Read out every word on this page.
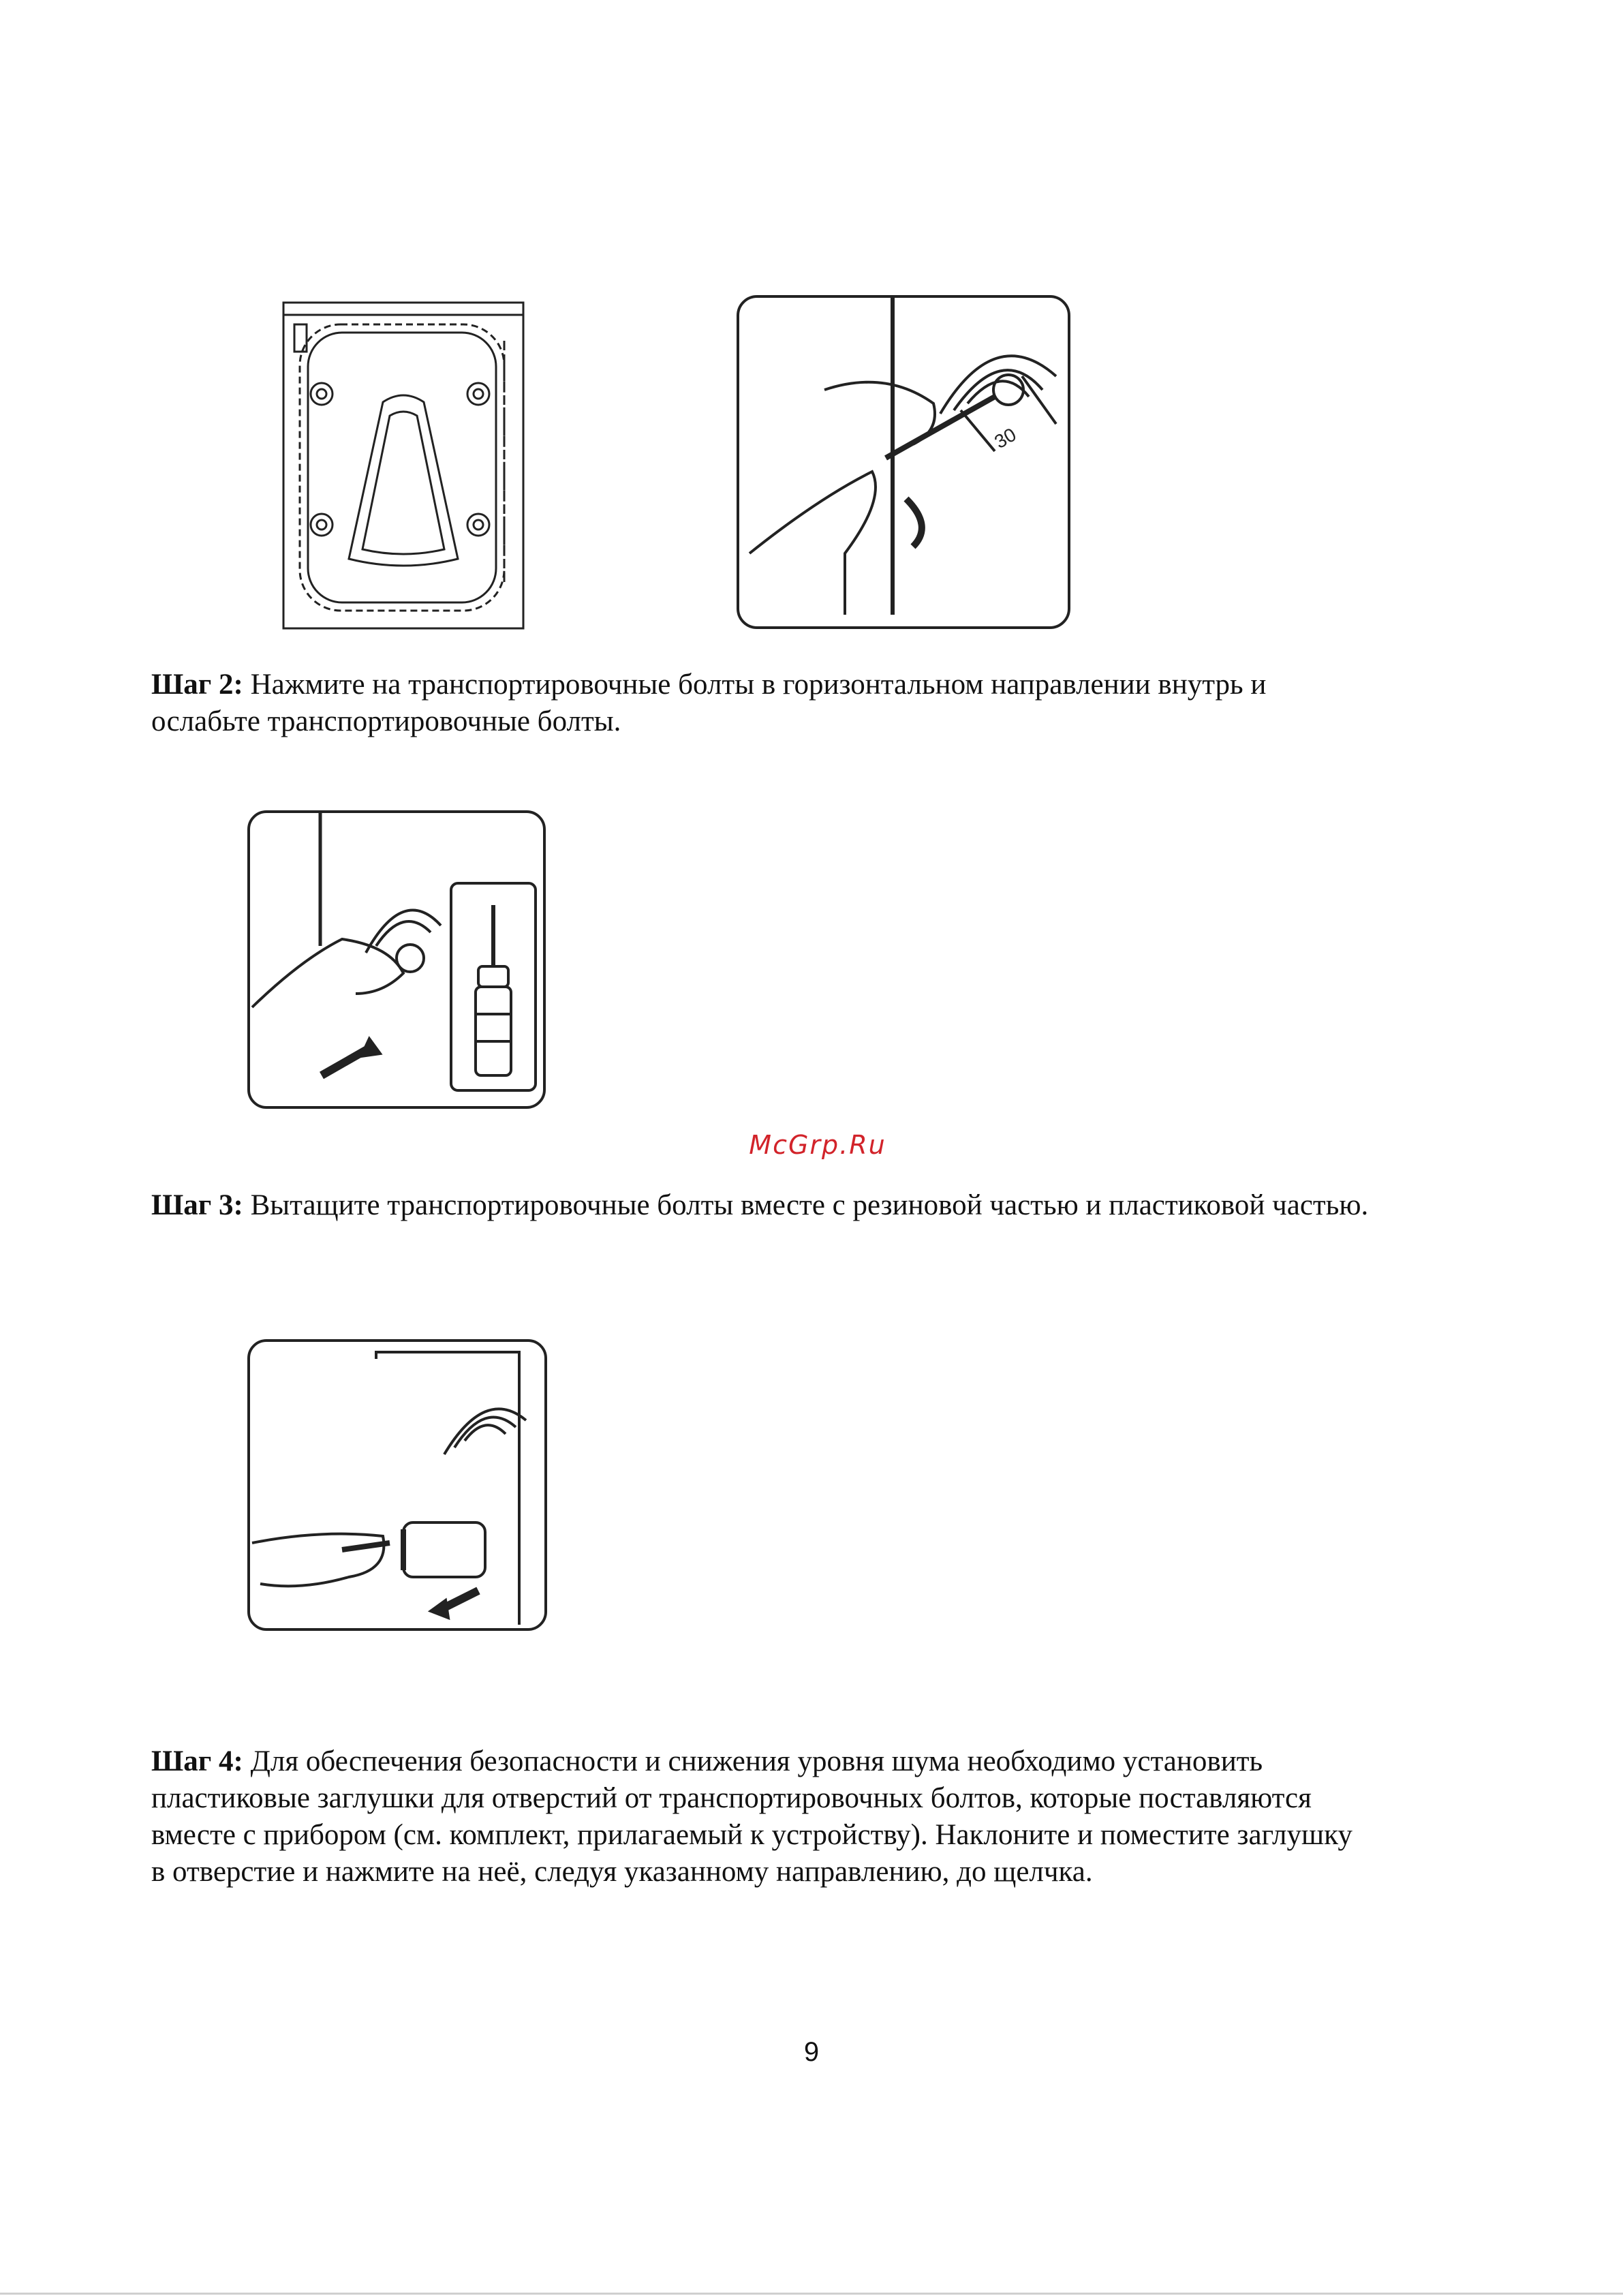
30

Шаг 2: Нажмите на транспортировочные болты в горизонтальном направлении внутрь и
ослабьте транспортировочные болты.

McGrp.Ru

Шаг 3: Вытащите транспортировочные болты вместе с резиновой частью и пластиковой частью.

Шаг 4: Для обеспечения безопасности и снижения уровня шума необходимо установить
пластиковые заглушки для отверстий от транспортировочных болтов, которые поставляются
вместе с прибором (см. комплект, прилагаемый к устройству). Наклоните и поместите заглушку
в отверстие и нажмите на неё, следуя указанному направлению, до щелчка.

9
